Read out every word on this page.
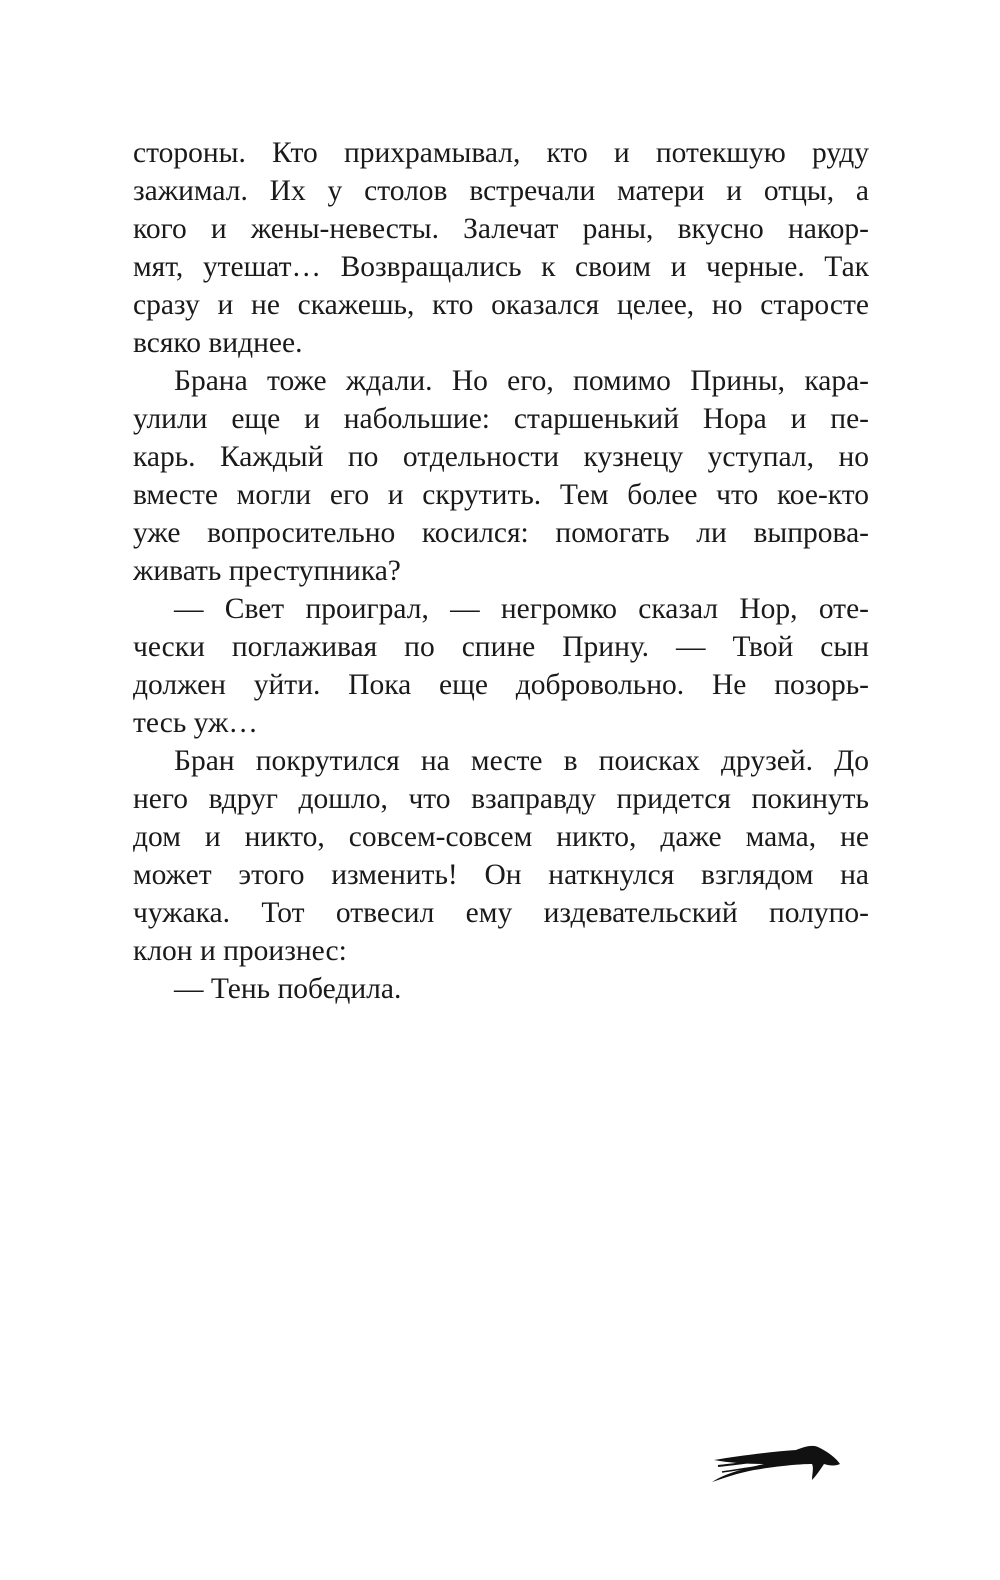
стороны. Кто прихрамывал, кто и потекшую руду
зажимал. Их у столов встречали матери и отцы, а
кого и жены-невесты. Залечат раны, вкусно накор-
мят, утешат… Возвращались к своим и черные. Так
сразу и не скажешь, кто оказался целее, но старосте
всяко виднее.
Брана тоже ждали. Но его, помимо Прины, кара-
улили еще и набольшие: старшенький Нора и пе-
карь. Каждый по отдельности кузнецу уступал, но
вместе могли его и скрутить. Тем более что кое-кто
уже вопросительно косился: помогать ли выпрова-
живать преступника?
— Свет проиграл, — негромко сказал Нор, оте-
чески поглаживая по спине Прину. — Твой сын
должен уйти. Пока еще добровольно. Не позорь-
тесь уж…
Бран покрутился на месте в поисках друзей. До
него вдруг дошло, что взаправду придется покинуть
дом и никто, совсем-совсем никто, даже мама, не
может этого изменить! Он наткнулся взглядом на
чужака. Тот отвесил ему издевательский полупо-
клон и произнес:
— Тень победила.
